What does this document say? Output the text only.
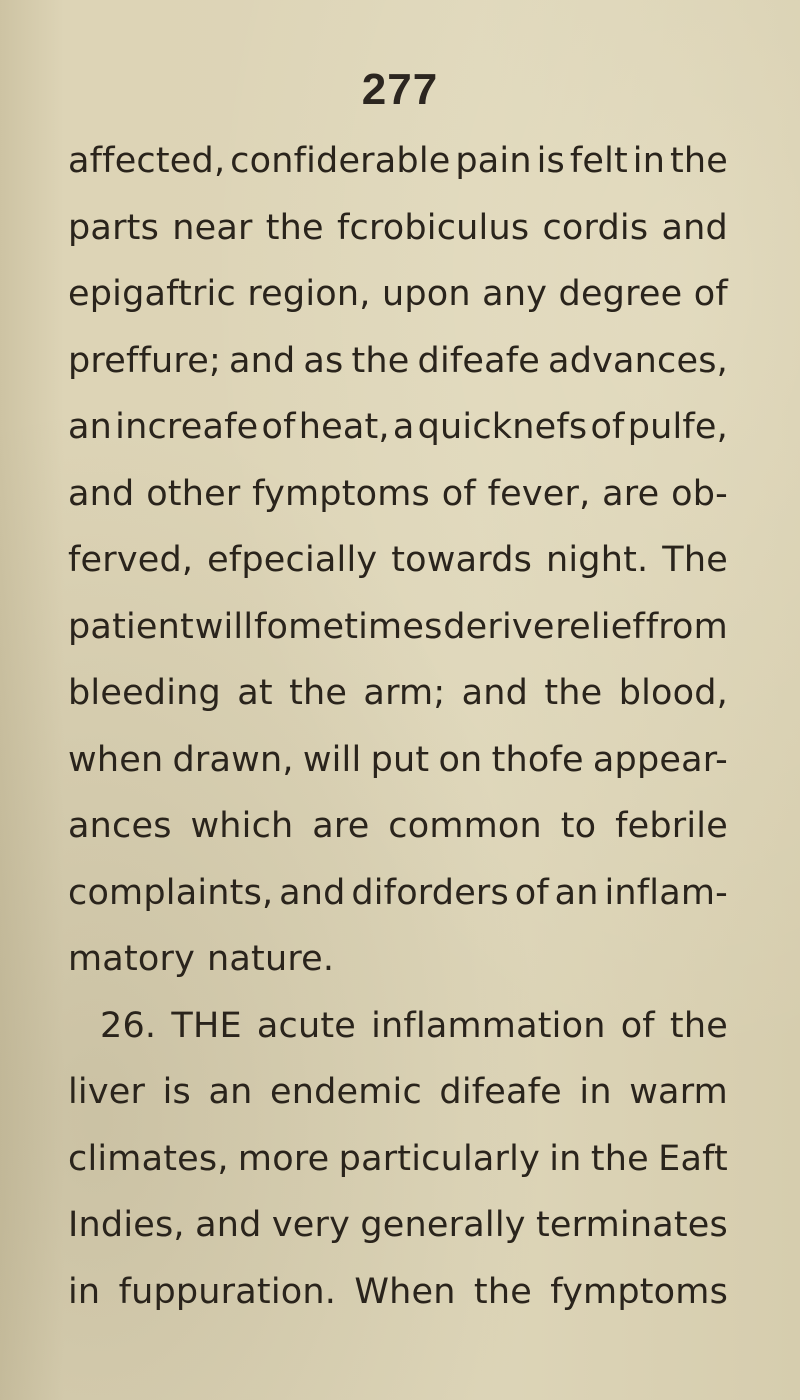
277
affected, confiderable pain is felt in the
parts near the fcrobiculus cordis and
epigaftric region, upon any degree of
preffure; and as the difeafe advances,
an increafe of heat, a quicknefs of pulfe,
and other fymptoms of fever, are ob-
ferved, efpecially towards night. The
patient will fometimes derive relief from
bleeding at the arm; and the blood,
when drawn, will put on thofe appear-
ances which are common to febrile
complaints, and diforders of an inflam-
matory nature.
26. THE acute inflammation of the
liver is an endemic difeafe in warm
climates, more particularly in the Eaft
Indies, and very generally terminates
in fuppuration. When the fymptoms
